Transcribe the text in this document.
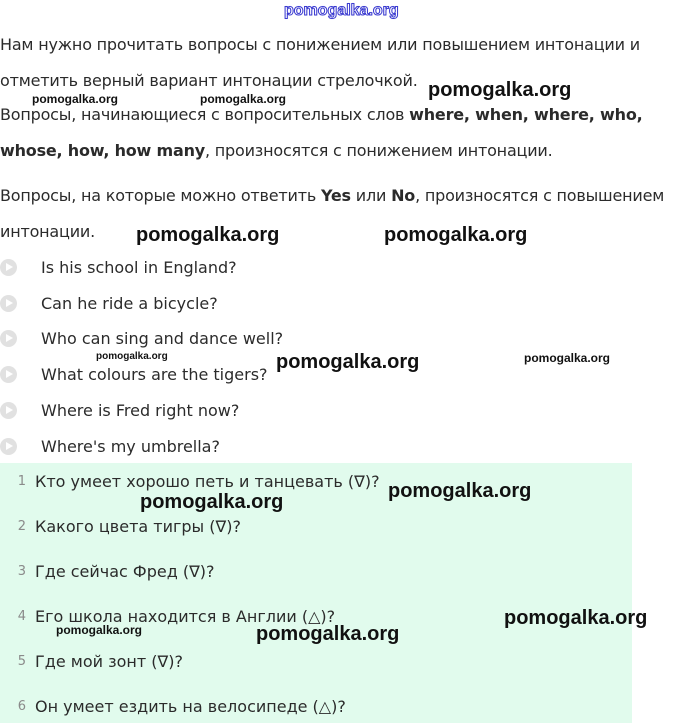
Нам нужно прочитать вопросы с понижением или повышением интонации и отметить верный вариант интонации стрелочкой.
Вопросы, начинающиеся с вопросительных слов where, when, where, who, whose, how, how many, произносятся с понижением интонации.
Вопросы, на которые можно ответить Yes или No, произносятся с повышением интонации.
Is his school in England?
Can he ride a bicycle?
Who can sing and dance well?
What colours are the tigers?
Where is Fred right now?
Where's my umbrella?
1 Кто умеет хорошо петь и танцевать (∇)?
2 Какого цвета тигры (∇)?
3 Где сейчас Фред (∇)?
4 Его школа находится в Англии (△)?
5 Где мой зонт (∇)?
6 Он умеет ездить на велосипеде (△)?
pomogalka.org
pomogalka.org
pomogalka.org	pomogalka.org
pomogalka.org	pomogalka.org
pomogalka.org	pomogalka.org	pomogalka.org
pomogalka.org
pomogalka.org
pomogalka.org
pomogalka.org	pomogalka.org
